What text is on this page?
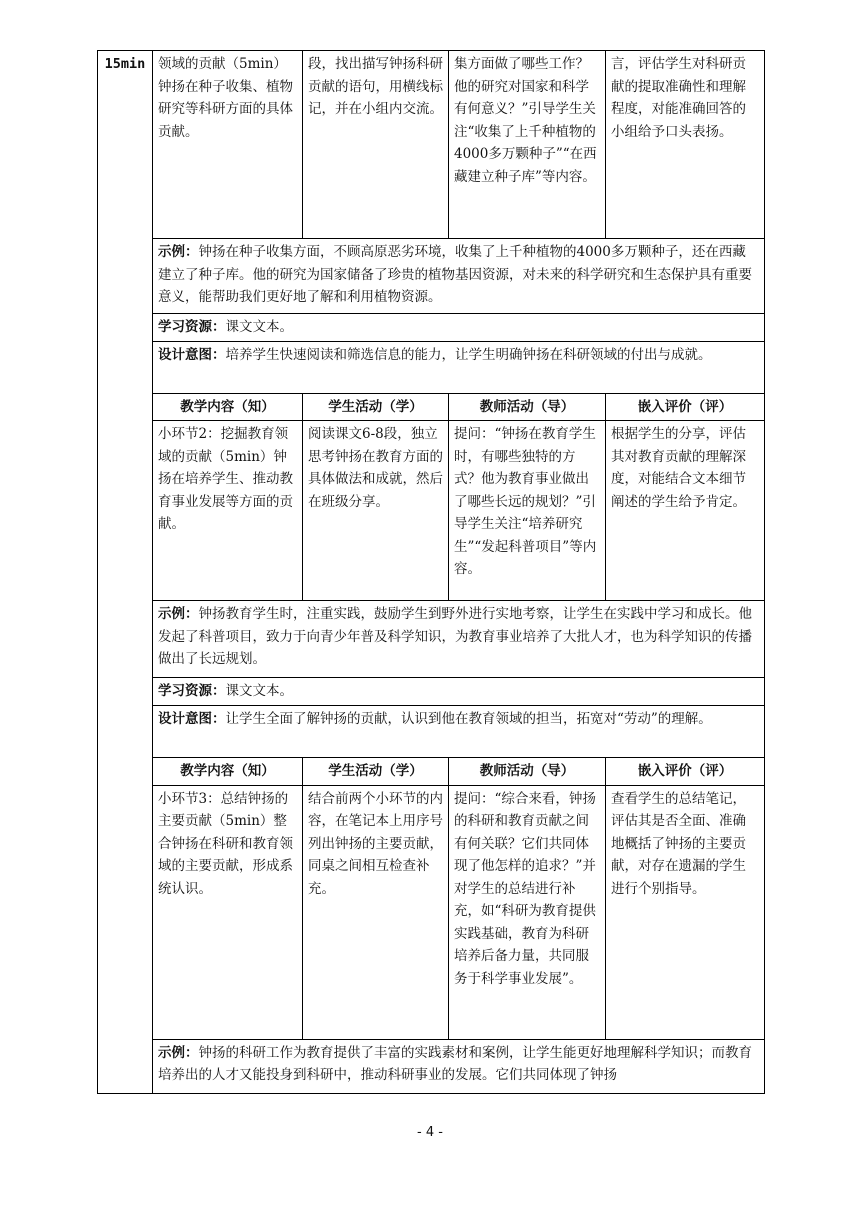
15min	领域的贡献（5min）钟扬在种子收集、植物研究等科研方面的具体贡献。	段，找出描写钟扬科研贡献的语句，用横线标记，并在小组内交流。	集方面做了哪些工作？他的研究对国家和科学有何意义？”引导学生关注“收集了上千种植物的4000多万颗种子”“在西藏建立种子库”等内容。	言，评估学生对科研贡献的提取准确性和理解程度，对能准确回答的小组给予口头表扬。
	示例：钟扬在种子收集方面，不顾高原恶劣环境，收集了上千种植物的4000多万颗种子，还在西藏建立了种子库。他的研究为国家储备了珍贵的植物基因资源，对未来的科学研究和生态保护具有重要意义，能帮助我们更好地了解和利用植物资源。			
	学习资源：课文文本。			
	设计意图：培养学生快速阅读和筛选信息的能力，让学生明确钟扬在科研领域的付出与成就。			
	教学内容（知）	学生活动（学）	教师活动（导）	嵌入评价（评）
	小环节2：挖掘教育领域的贡献（5min）钟扬在培养学生、推动教育事业发展等方面的贡献。	阅读课文6-8段，独立思考钟扬在教育方面的具体做法和成就，然后在班级分享。	提问：“钟扬在教育学生时，有哪些独特的方式？他为教育事业做出了哪些长远的规划？”引导学生关注“培养研究生”“发起科普项目”等内容。	根据学生的分享，评估其对教育贡献的理解深度，对能结合文本细节阐述的学生给予肯定。
	示例：钟扬教育学生时，注重实践，鼓励学生到野外进行实地考察，让学生在实践中学习和成长。他发起了科普项目，致力于向青少年普及科学知识，为教育事业培养了大批人才，也为科学知识的传播做出了长远规划。			
	学习资源：课文文本。			
	设计意图：让学生全面了解钟扬的贡献，认识到他在教育领域的担当，拓宽对“劳动”的理解。			
	教学内容（知）	学生活动（学）	教师活动（导）	嵌入评价（评）
	小环节3：总结钟扬的主要贡献（5min）整合钟扬在科研和教育领域的主要贡献，形成系统认识。	结合前两个小环节的内容，在笔记本上用序号列出钟扬的主要贡献，同桌之间相互检查补充。	提问：“综合来看，钟扬的科研和教育贡献之间有何关联？它们共同体现了他怎样的追求？”并对学生的总结进行补充，如“科研为教育提供实践基础，教育为科研培养后备力量，共同服务于科学事业发展”。	查看学生的总结笔记，评估其是否全面、准确地概括了钟扬的主要贡献，对存在遗漏的学生进行个别指导。
	示例：钟扬的科研工作为教育提供了丰富的实践素材和案例，让学生能更好地理解科学知识；而教育培养出的人才又能投身到科研中，推动科研事业的发展。它们共同体现了钟扬			
- 4 -
